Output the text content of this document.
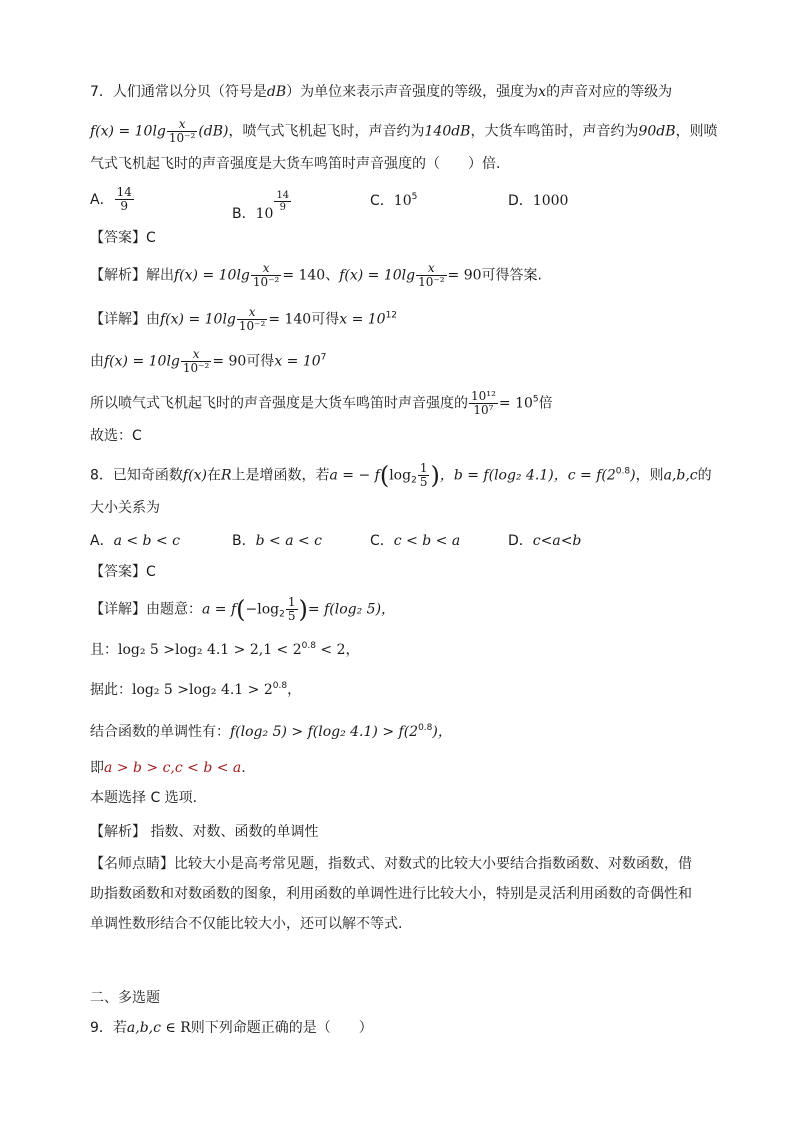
7．人们通常以分贝（符号是dB）为单位来表示声音强度的等级，强度为x的声音对应的等级为
$f(x) = 10\lg \frac{x}{\text{10⁻²}} (dB)$，喷气式飞机起飞时，声音约为140dB，大货车鸣笛时，声音约为90dB，则喷
气式飞机起飞时的声音强度是大货车鸣笛时声音强度的（　　）倍.
A． $\frac{14}{9}$
B．10
$\frac{14}{9}$	C．$10^5$	D．1000
【答案】C
【解析】解出$f(x) = 10\lg \frac{x}{\text{10⁻²}} = 140$、$f(x) = 10\lg \frac{x}{\text{10⁻²}} = 90$可得答案.
【详解】由$f(x) = 10\lg \frac{x}{\text{10⁻²}} = 140$可得$x = 10^{12}$
由$f(x) = 10\lg \frac{x}{\text{10⁻²}} = 90$可得$x = 10^7$
所以喷气式飞机起飞时的声音强度是大货车鸣笛时声音强度的 $\frac{\text{10¹²}}{\text{10⁷}} = 10^5$倍
故选：C
8．已知奇函数f(x)在R上是增函数，若a = − $f(\log_2 \frac{1}{5}$ )，b = f(log₂ 4.1)，$c = f(2^{0.8})$，则a,b,c的
大小关系为
A．a < b < c	B．b < a < c	C．c < b < a	D．c<a<b
【答案】C
【详解】由题意：$a = f(-\log_2 \frac{1}{5}$ )= f(log₂ 5)，
且：log₂ 5 >log₂ $4.1 > 2,1 < 2^{0.8} < 2$，
据此：log₂ 5 >log₂ $4.1 > 2^{0.8}$，
结合函数的单调性有：f(log₂ 5) > f(log₂ $4.1) > f(2^{0.8})$，
即a > b > c,c < b < a.
本题选择 C 选项.
【解析】 指数、对数、函数的单调性
【名师点睛】比较大小是高考常见题，指数式、对数式的比较大小要结合指数函数、对数函数，借
助指数函数和对数函数的图象，利用函数的单调性进行比较大小，特别是灵活利用函数的奇偶性和
单调性数形结合不仅能比较大小，还可以解不等式.
二、多选题
9．若a,b,c ∈ R则下列命题正确的是（　　）
